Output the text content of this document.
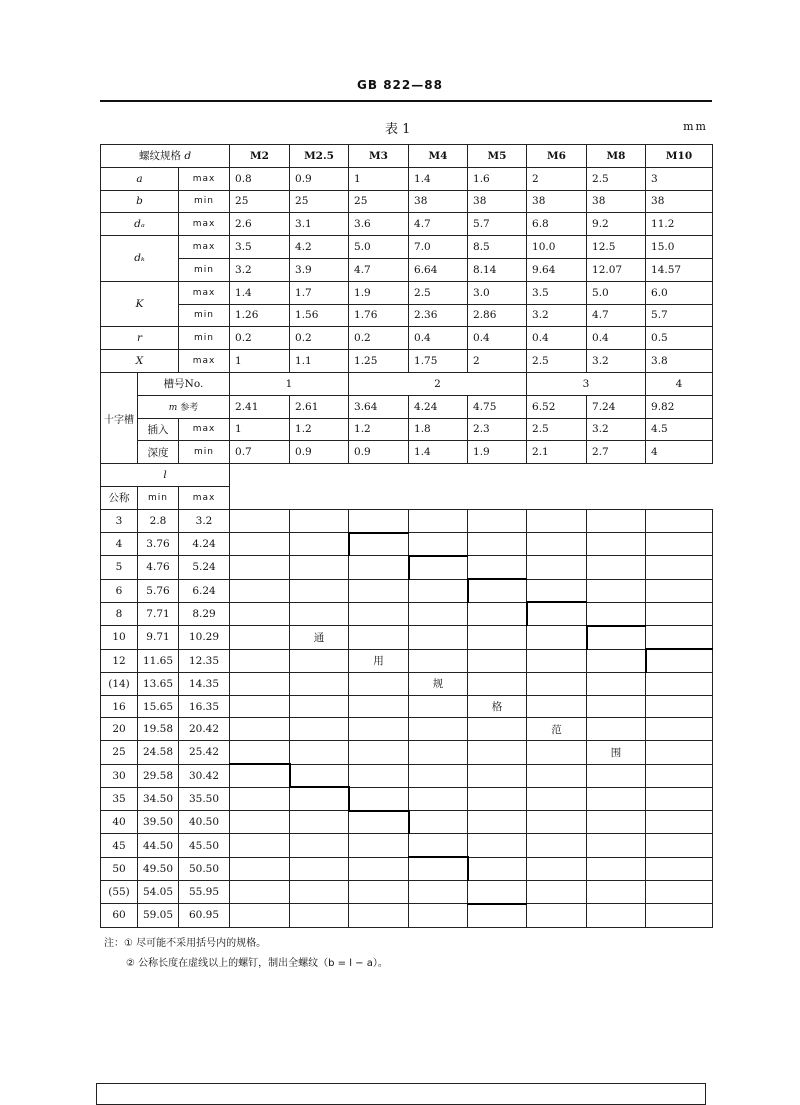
GB 822—88
表 1	mm
螺纹规格 d			M2	M2.5	M3	M4	M5	M6	M8	M10
a		max	0.8	0.9	1	1.4	1.6	2	2.5	3
b		min	25	25	25	38	38	38	38	38
dₐ		max	2.6	3.1	3.6	4.7	5.7	6.8	9.2	11.2
dₖ		max	3.5	4.2	5.0	7.0	8.5	10.0	12.5	15.0
		min	3.2	3.9	4.7	6.64	8.14	9.64	12.07	14.57
K		max	1.4	1.7	1.9	2.5	3.0	3.5	5.0	6.0
		min	1.26	1.56	1.76	2.36	2.86	3.2	4.7	5.7
r		min	0.2	0.2	0.2	0.4	0.4	0.4	0.4	0.5
X		max	1	1.1	1.25	1.75	2	2.5	3.2	3.8
十字槽	槽号No.		1		2			3		4
	m 参考		2.41	2.61	3.64	4.24	4.75	6.52	7.24	9.82
	插入	max	1	1.2	1.2	1.8	2.3	2.5	3.2	4.5
	深度	min	0.7	0.9	0.9	1.4	1.9	2.1	2.7	4
l										
公称	min	max								
3	2.8	3.2								
4	3.76	4.24								
5	4.76	5.24								
6	5.76	6.24								
8	7.71	8.29								
10	9.71	10.29		通						
12	11.65	12.35			用					
(14)	13.65	14.35				规				
16	15.65	16.35					格			
20	19.58	20.42						范		
25	24.58	25.42							围	
30	29.58	30.42								
35	34.50	35.50								
40	39.50	40.50								
45	44.50	45.50								
50	49.50	50.50								
(55)	54.05	55.95								
60	59.05	60.95								
注：① 尽可能不采用括号内的规格。
② 公称长度在虚线以上的螺钉，制出全螺纹（b = l − a）。
